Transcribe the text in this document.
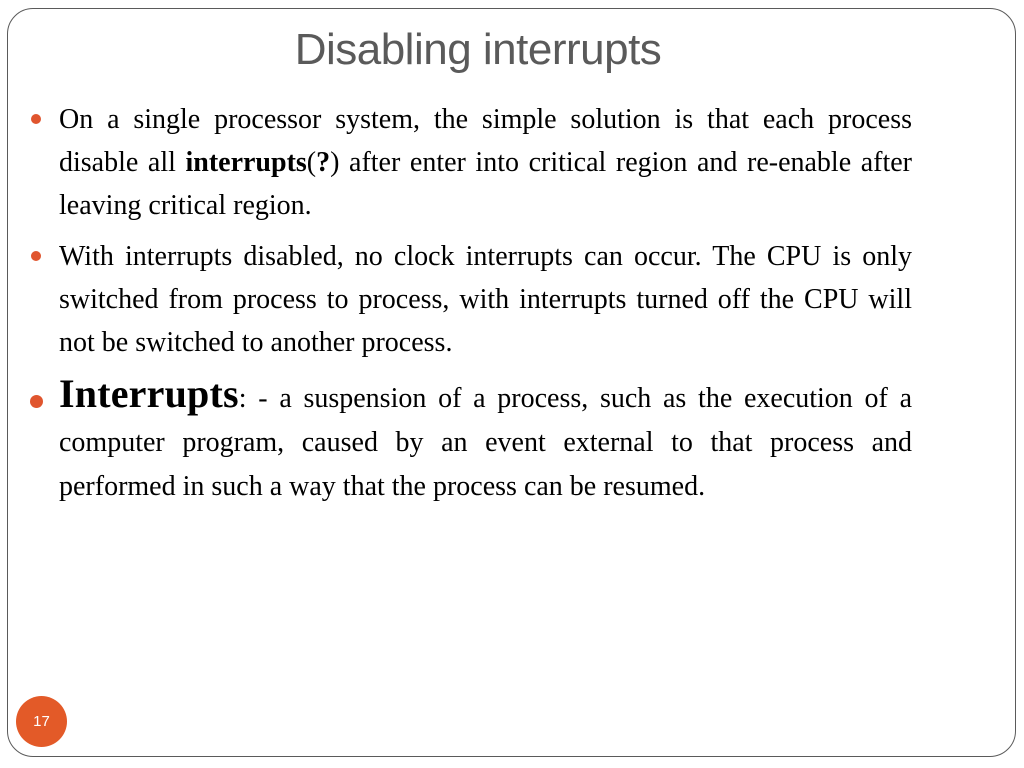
Disabling interrupts
On a single processor system, the simple solution is that each process disable all interrupts(?) after enter into critical region and re-enable after leaving critical region.
With interrupts disabled, no clock interrupts can occur. The CPU is only switched from process to process, with interrupts turned off the CPU will not be switched to another process.
Interrupts: - a suspension of a process, such as the execution of a computer program, caused by an event external to that process and performed in such a way that the process can be resumed.
17
